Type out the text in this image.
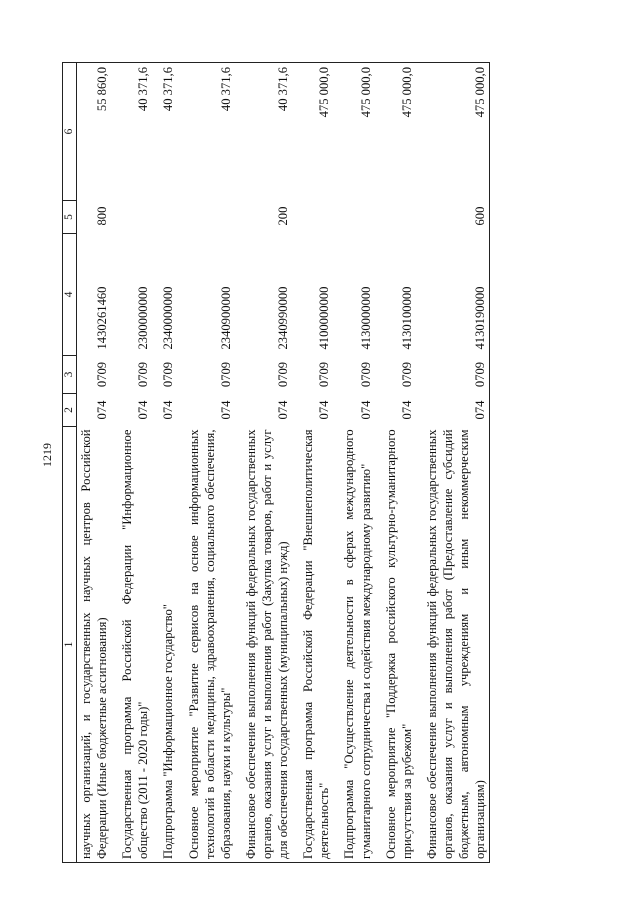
1219
1	2	3	4	5	6
научных организаций, и государственных научных центров Российской Федерации (Иные бюджетные ассигнования)	074	0709	1430261460	800	55 860,0
Государственная программа Российской Федерации "Информационное общество (2011 - 2020 годы)"	074	0709	2300000000		40 371,6
Подпрограмма "Информационное государство"	074	0709	2340000000		40 371,6
Основное мероприятие "Развитие сервисов на основе информационных технологий в области медицины, здравоохранения, социального обеспечения, образования, науки и культуры"	074	0709	2340900000		40 371,6
Финансовое обеспечение выполнения функций федеральных государственных органов, оказания услуг и выполнения работ (Закупка товаров, работ и услуг для обеспечения государственных (муниципальных) нужд)	074	0709	2340990000	200	40 371,6
Государственная программа Российской Федерации "Внешнеполитическая деятельность"	074	0709	4100000000		475 000,0
Подпрограмма "Осуществление деятельности в сферах международного гуманитарного сотрудничества и содействия международному развитию"	074	0709	4130000000		475 000,0
Основное мероприятие "Поддержка российского культурно-гуманитарного присутствия за рубежом"	074	0709	4130100000		475 000,0
Финансовое обеспечение выполнения функций федеральных государственных органов, оказания услуг и выполнения работ (Предоставление субсидий бюджетным, автономным учреждениям и иным некоммерческим организациям)	074	0709	4130190000	600	475 000,0
